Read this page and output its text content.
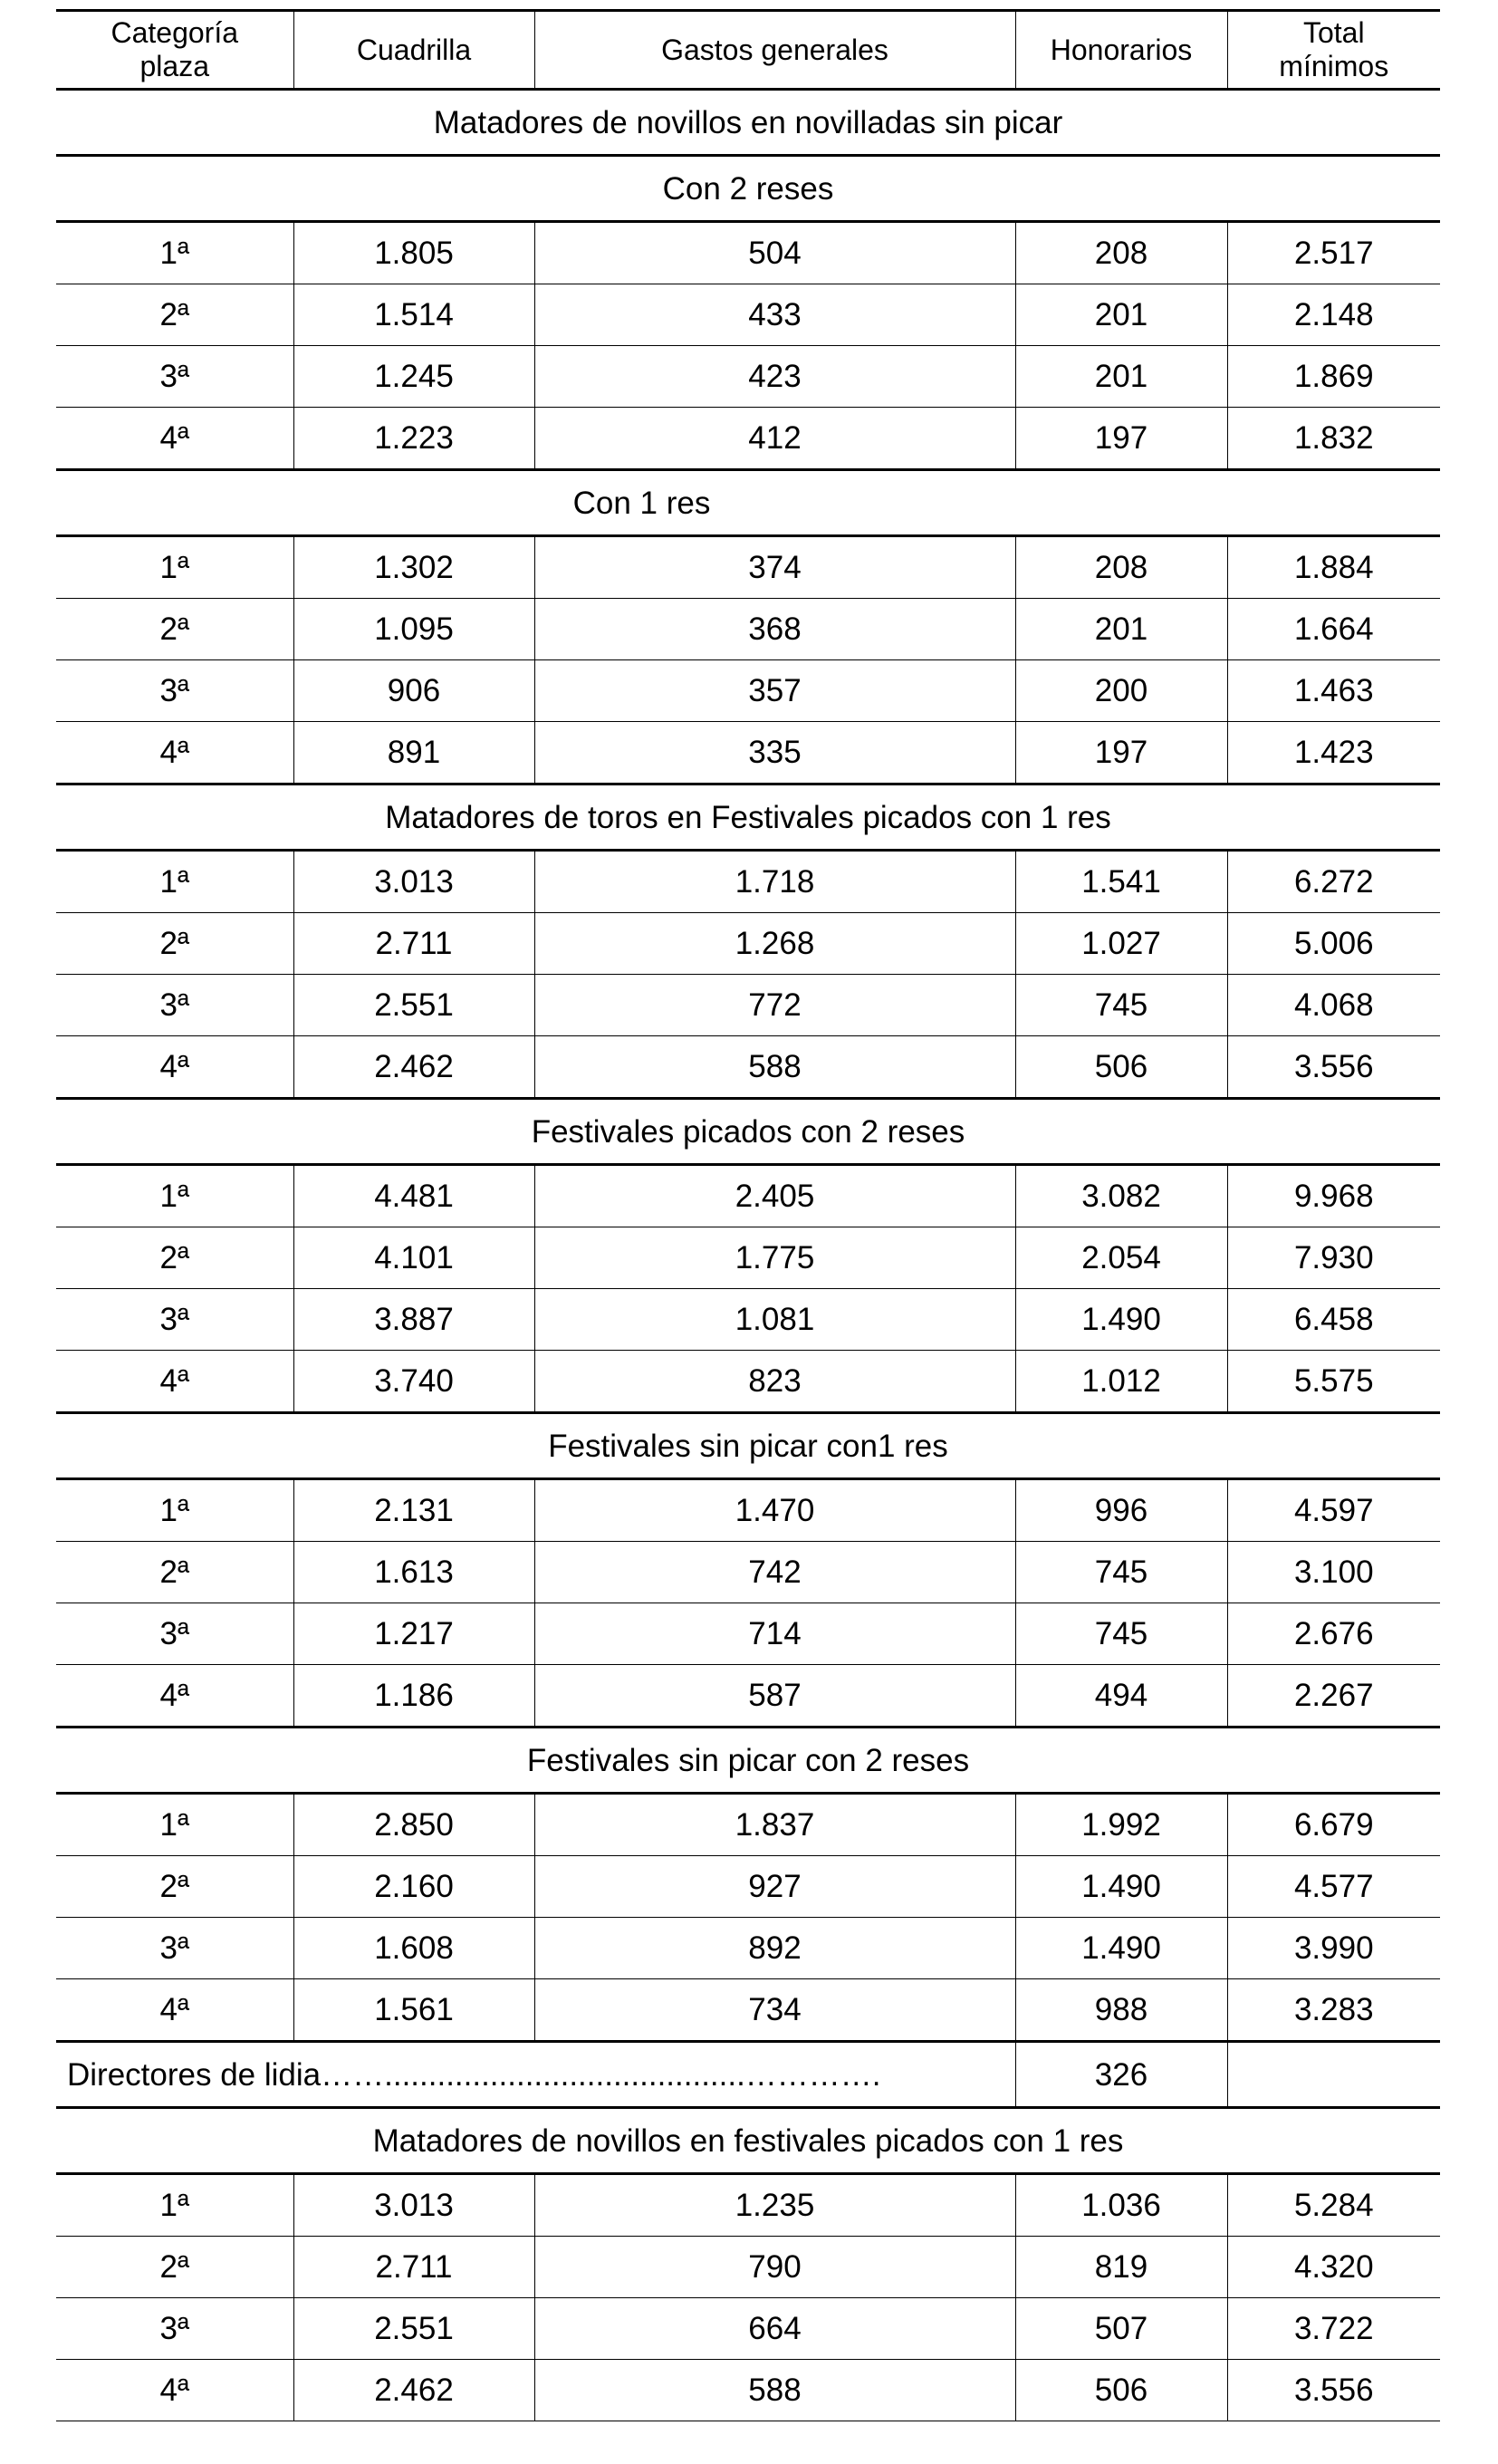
Categoría
plaza	Cuadrilla	Gastos generales	Honorarios	Total
mínimos
Matadores de novillos en novilladas sin picar				
Con 2 reses				
1ª	1.805	504	208	2.517
2ª	1.514	433	201	2.148
3ª	1.245	423	201	1.869
4ª	1.223	412	197	1.832
Con 1 res				
1ª	1.302	374	208	1.884
2ª	1.095	368	201	1.664
3ª	906	357	200	1.463
4ª	891	335	197	1.423
Matadores de toros en Festivales picados con 1 res				
1ª	3.013	1.718	1.541	6.272
2ª	2.711	1.268	1.027	5.006
3ª	2.551	772	745	4.068
4ª	2.462	588	506	3.556
Festivales picados con 2 reses				
1ª	4.481	2.405	3.082	9.968
2ª	4.101	1.775	2.054	7.930
3ª	3.887	1.081	1.490	6.458
4ª	3.740	823	1.012	5.575
Festivales sin picar con1 res				
1ª	2.131	1.470	996	4.597
2ª	1.613	742	745	3.100
3ª	1.217	714	745	2.676
4ª	1.186	587	494	2.267
Festivales sin picar con 2 reses				
1ª	2.850	1.837	1.992	6.679
2ª	2.160	927	1.490	4.577
3ª	1.608	892	1.490	3.990
4ª	1.561	734	988	3.283
Directores de lidia…….........................................………….			326	
Matadores de novillos en festivales picados con 1 res				
1ª	3.013	1.235	1.036	5.284
2ª	2.711	790	819	4.320
3ª	2.551	664	507	3.722
4ª	2.462	588	506	3.556
